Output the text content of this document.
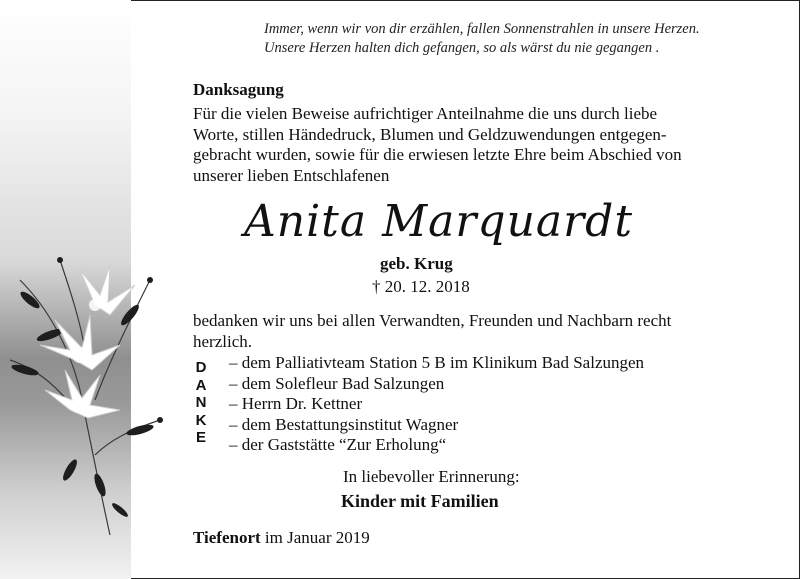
Immer, wenn wir von dir erzählen, fallen Sonnenstrahlen in unsere Herzen.
Unsere Herzen halten dich gefangen, so als wärst du nie gegangen .
Danksagung
Für die vielen Beweise aufrichtiger Anteilnahme die uns durch liebe
Worte, stillen Händedruck, Blumen und Geldzuwendungen entgegen-
gebracht wurden, sowie für die erwiesen letzte Ehre beim Abschied von
unserer lieben Entschlafenen
Anita Marquardt
geb. Krug
† 20. 12. 2018
bedanken wir uns bei allen Verwandten, Freunden und Nachbarn recht
herzlich.
D
A
N
K
E
– dem Palliativteam Station 5 B im Klinikum Bad Salzungen
– dem Solefleur Bad Salzungen
– Herrn Dr. Kettner
– dem Bestattungsinstitut Wagner
– der Gaststätte “Zur Erholung“
In liebevoller Erinnerung:
Kinder mit Familien
Tiefenort im Januar 2019
